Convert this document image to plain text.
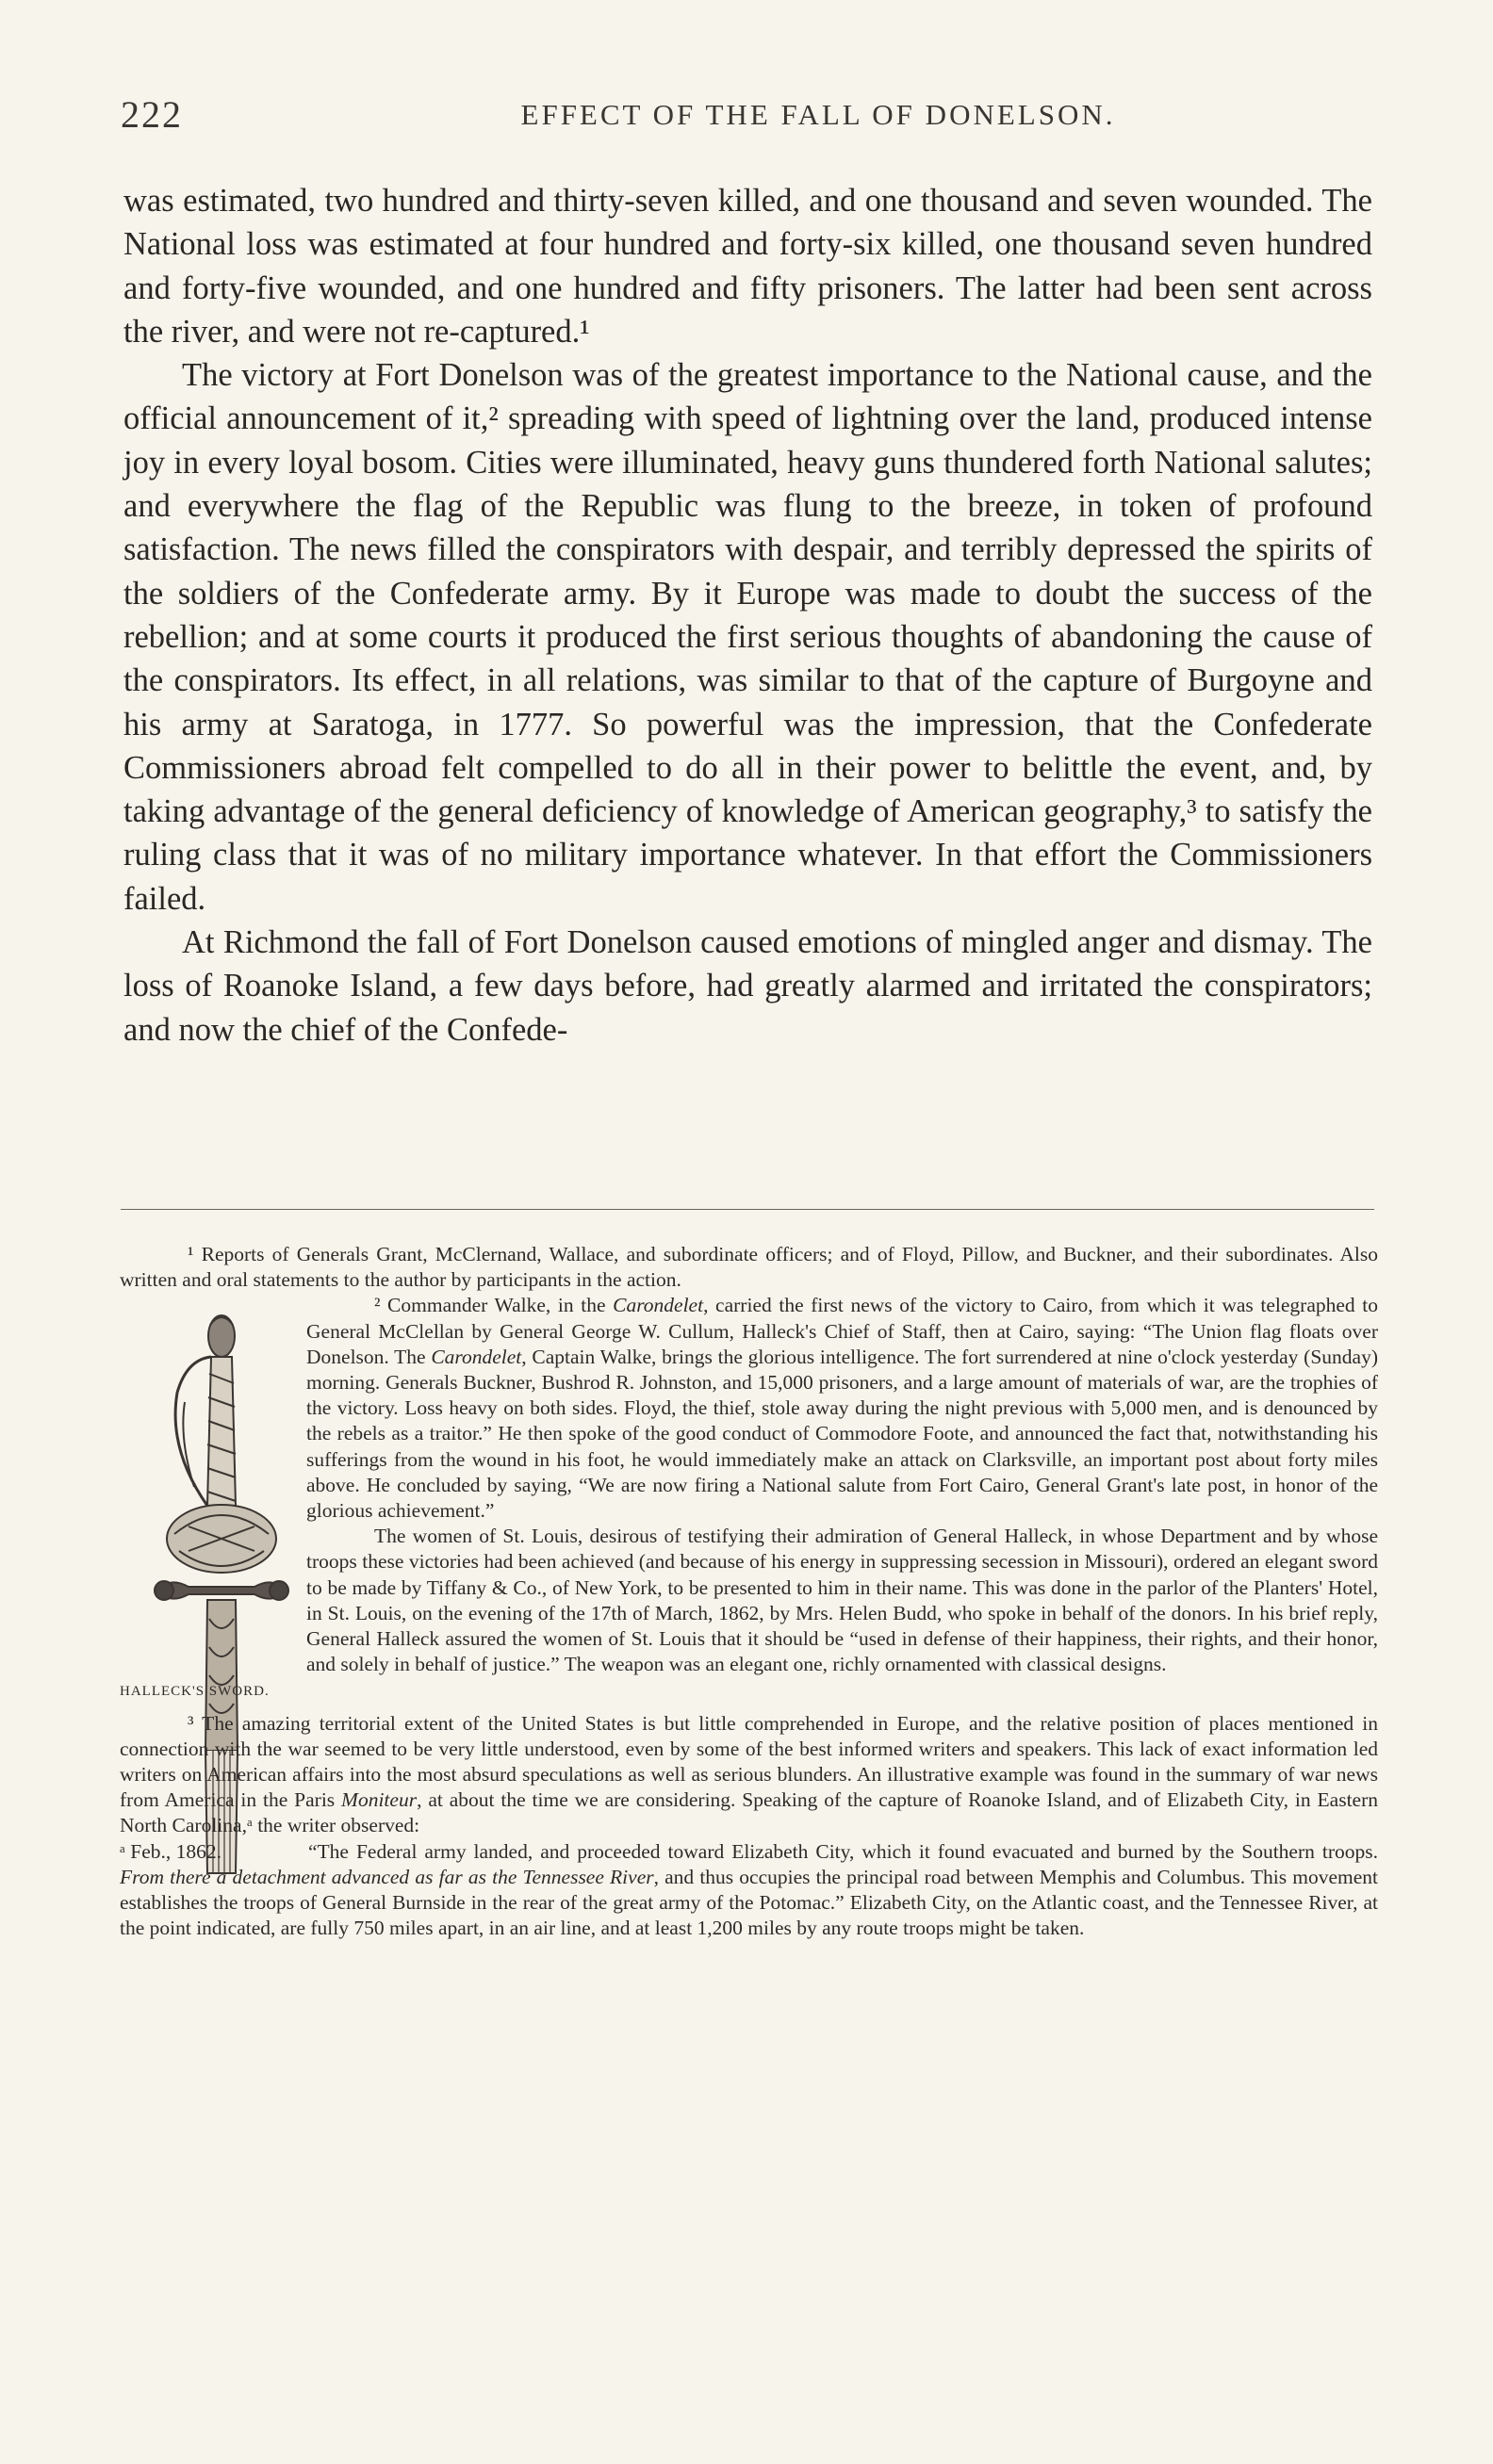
222	EFFECT OF THE FALL OF DONELSON.

was estimated, two hundred and thirty-seven killed, and one thousand and seven wounded. The National loss was estimated at four hundred and forty-six killed, one thousand seven hundred and forty-five wounded, and one hundred and fifty prisoners. The latter had been sent across the river, and were not re-captured.¹

The victory at Fort Donelson was of the greatest importance to the National cause, and the official announcement of it,² spreading with speed of lightning over the land, produced intense joy in every loyal bosom. Cities were illuminated, heavy guns thundered forth National salutes; and everywhere the flag of the Republic was flung to the breeze, in token of profound satisfaction. The news filled the conspirators with despair, and terribly depressed the spirits of the soldiers of the Confederate army. By it Europe was made to doubt the success of the rebellion; and at some courts it produced the first serious thoughts of abandoning the cause of the conspirators. Its effect, in all relations, was similar to that of the capture of Burgoyne and his army at Saratoga, in 1777. So powerful was the impression, that the Confederate Commissioners abroad felt compelled to do all in their power to belittle the event, and, by taking advantage of the general deficiency of knowledge of American geography,³ to satisfy the ruling class that it was of no military importance whatever. In that effort the Commissioners failed.

At Richmond the fall of Fort Donelson caused emotions of mingled anger and dismay. The loss of Roanoke Island, a few days before, had greatly alarmed and irritated the conspirators; and now the chief of the Confede-

¹ Reports of Generals Grant, McClernand, Wallace, and subordinate officers; and of Floyd, Pillow, and Buckner, and their subordinates. Also written and oral statements to the author by participants in the action.

² Commander Walke, in the Carondelet, carried the first news of the victory to Cairo, from which it was telegraphed to General McClellan by General George W. Cullum, Halleck's Chief of Staff, then at Cairo, saying: “The Union flag floats over Donelson. The Carondelet, Captain Walke, brings the glorious intelligence. The fort surrendered at nine o'clock yesterday (Sunday) morning. Generals Buckner, Bushrod R. Johnston, and 15,000 prisoners, and a large amount of materials of war, are the trophies of the victory. Loss heavy on both sides. Floyd, the thief, stole away during the night previous with 5,000 men, and is denounced by the rebels as a traitor.” He then spoke of the good conduct of Commodore Foote, and announced the fact that, notwithstanding his sufferings from the wound in his foot, he would immediately make an attack on Clarksville, an important post about forty miles above. He concluded by saying, “We are now firing a National salute from Fort Cairo, General Grant's late post, in honor of the glorious achievement.”

The women of St. Louis, desirous of testifying their admiration of General Halleck, in whose Department and by whose troops these victories had been achieved (and because of his energy in suppressing secession in Missouri), ordered an elegant sword to be made by Tiffany & Co., of New York, to be presented to him in their name. This was done in the parlor of the Planters' Hotel, in St. Louis, on the evening of the 17th of March, 1862, by Mrs. Helen Budd, who spoke in behalf of the donors. In his brief reply, General Halleck assured the women of St. Louis that it should be “used in defense of their happiness, their rights, and their honor, and solely in behalf of justice.” The weapon was an elegant one, richly ornamented with classical designs.

HALLECK'S SWORD.

³ The amazing territorial extent of the United States is but little comprehended in Europe, and the relative position of places mentioned in connection with the war seemed to be very little understood, even by some of the best informed writers and speakers. This lack of exact information led writers on American affairs into the most absurd speculations as well as serious blunders. An illustrative example was found in the summary of war news from America in the Paris Moniteur, at about the time we are considering. Speaking of the capture of Roanoke Island, and of Elizabeth City, in Eastern North Carolina,ᵃ the writer observed:

ᵃ Feb., 1862.	“The Federal army landed, and proceeded toward Elizabeth City, which it found evacuated and burned by the Southern troops. From there a detachment advanced as far as the Tennessee River, and thus occupies the principal road between Memphis and Columbus. This movement establishes the troops of General Burnside in the rear of the great army of the Potomac.” Elizabeth City, on the Atlantic coast, and the Tennessee River, at the point indicated, are fully 750 miles apart, in an air line, and at least 1,200 miles by any route troops might be taken.
